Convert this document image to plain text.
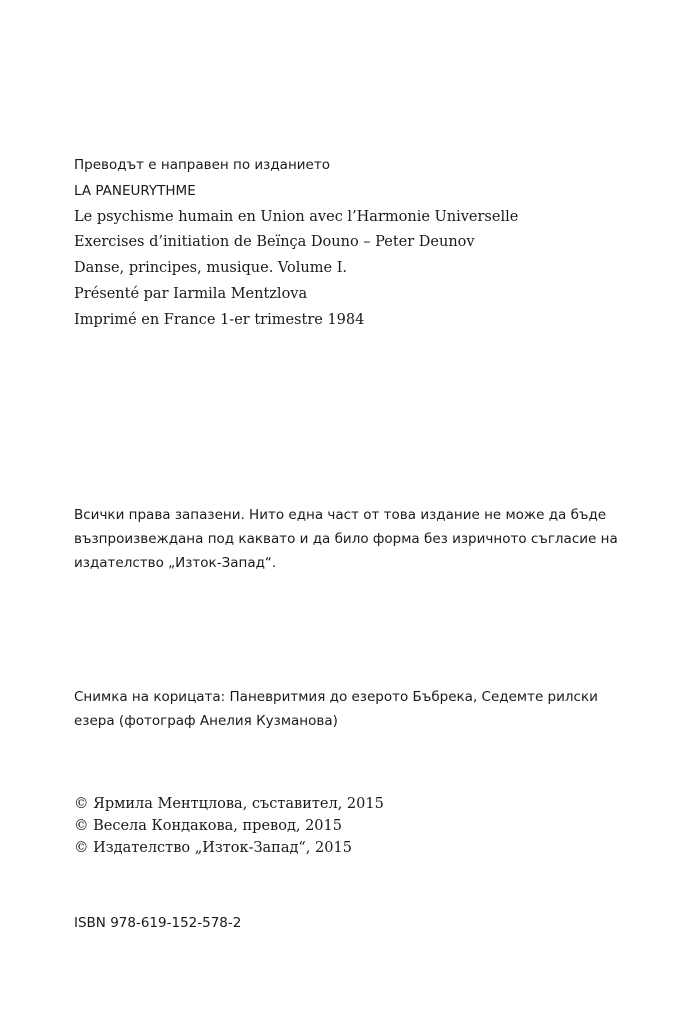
Преводът е направен по изданието
LA PANEURYTHME
Le psychisme humain en Union avec l’Harmonie Universelle
Exercises d’initiation de Beїnça Douno – Peter Deunov
Danse, principes, musique. Volume I.
Présenté par Iarmila Mentzlova
Imprimé en France 1-er trimestre 1984
Всички права запазени. Нито една част от това издание не може да бъде
възпроизвеждана под каквато и да било форма без изричното съгласие на
издателство „Изток-Запад“.
Снимка на корицата: Паневритмия до езерото Бъбрека, Седемте рилски
езера (фотограф Анелия Кузманова)
© Ярмила Ментцлова, съставител, 2015
© Весела Кондакова, превод, 2015
© Издателство „Изток-Запад“, 2015
ISBN 978-619-152-578-2
